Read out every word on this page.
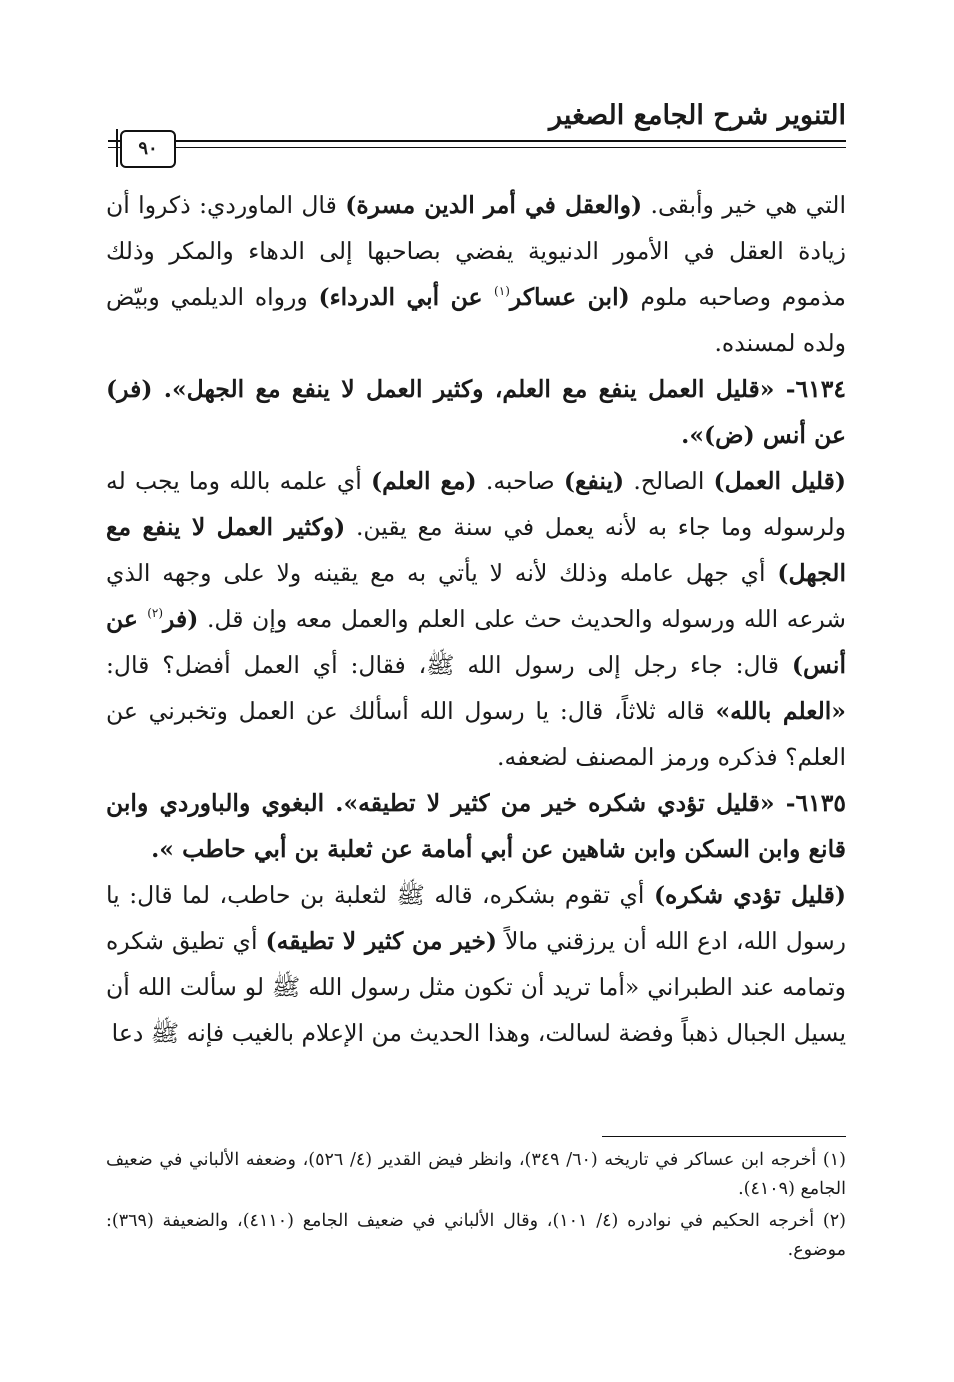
التنوير شرح الجامع الصغير
٩٠

التي هي خير وأبقى. (والعقل في أمر الدين مسرة) قال الماوردي: ذكروا أن زيادة العقل في الأمور الدنيوية يفضي بصاحبها إلى الدهاء والمكر وذلك مذموم وصاحبه ملوم (ابن عساكر$^{(١)}$ عن أبي الدرداء) ورواه الديلمي وبيّض ولده لمسنده.

٦١٣٤- «قليل العمل ينفع مع العلم، وكثير العمل لا ينفع مع الجهل». (فر) عن أنس (ض)».

(قليل العمل) الصالح. (ينفع) صاحبه. (مع العلم) أي علمه بالله وما يجب له ولرسوله وما جاء به لأنه يعمل في سنة مع يقين. (وكثير العمل لا ينفع مع الجهل) أي جهل عامله وذلك لأنه لا يأتي به مع يقينه ولا على وجهه الذي شرعه الله ورسوله والحديث حث على العلم والعمل معه وإن قل. (فر$^{(٢)}$ عن أنس) قال: جاء رجل إلى رسول الله ﷺ، فقال: أي العمل أفضل؟ قال: «العلم بالله» قاله ثلاثاً، قال: يا رسول الله أسألك عن العمل وتخبرني عن العلم؟ فذكره ورمز المصنف لضعفه.

٦١٣٥- «قليل تؤدي شكره خير من كثير لا تطيقه». البغوي والباوردي وابن قانع وابن السكن وابن شاهين عن أبي أمامة عن ثعلبة بن أبي حاطب ».

(قليل تؤدي شكره) أي تقوم بشكره، قاله ﷺ لثعلبة بن حاطب، لما قال: يا رسول الله، ادع الله أن يرزقني مالاً (خير من كثير لا تطيقه) أي تطيق شكره وتمامه عند الطبراني «أما تريد أن تكون مثل رسول الله ﷺ لو سألت الله أن يسيل الجبال ذهباً وفضة لسالت، وهذا الحديث من الإعلام بالغيب فإنه ﷺ دعا

(١) أخرجه ابن عساكر في تاريخه (٦٠/ ٣٤٩)، وانظر فيض القدير (٤/ ٥٢٦)، وضعفه الألباني في ضعيف الجامع (٤١٠٩).

(٢) أخرجه الحكيم في نوادره (٤/ ١٠١)، وقال الألباني في ضعيف الجامع (٤١١٠)، والضعيفة (٣٦٩): موضوع.
